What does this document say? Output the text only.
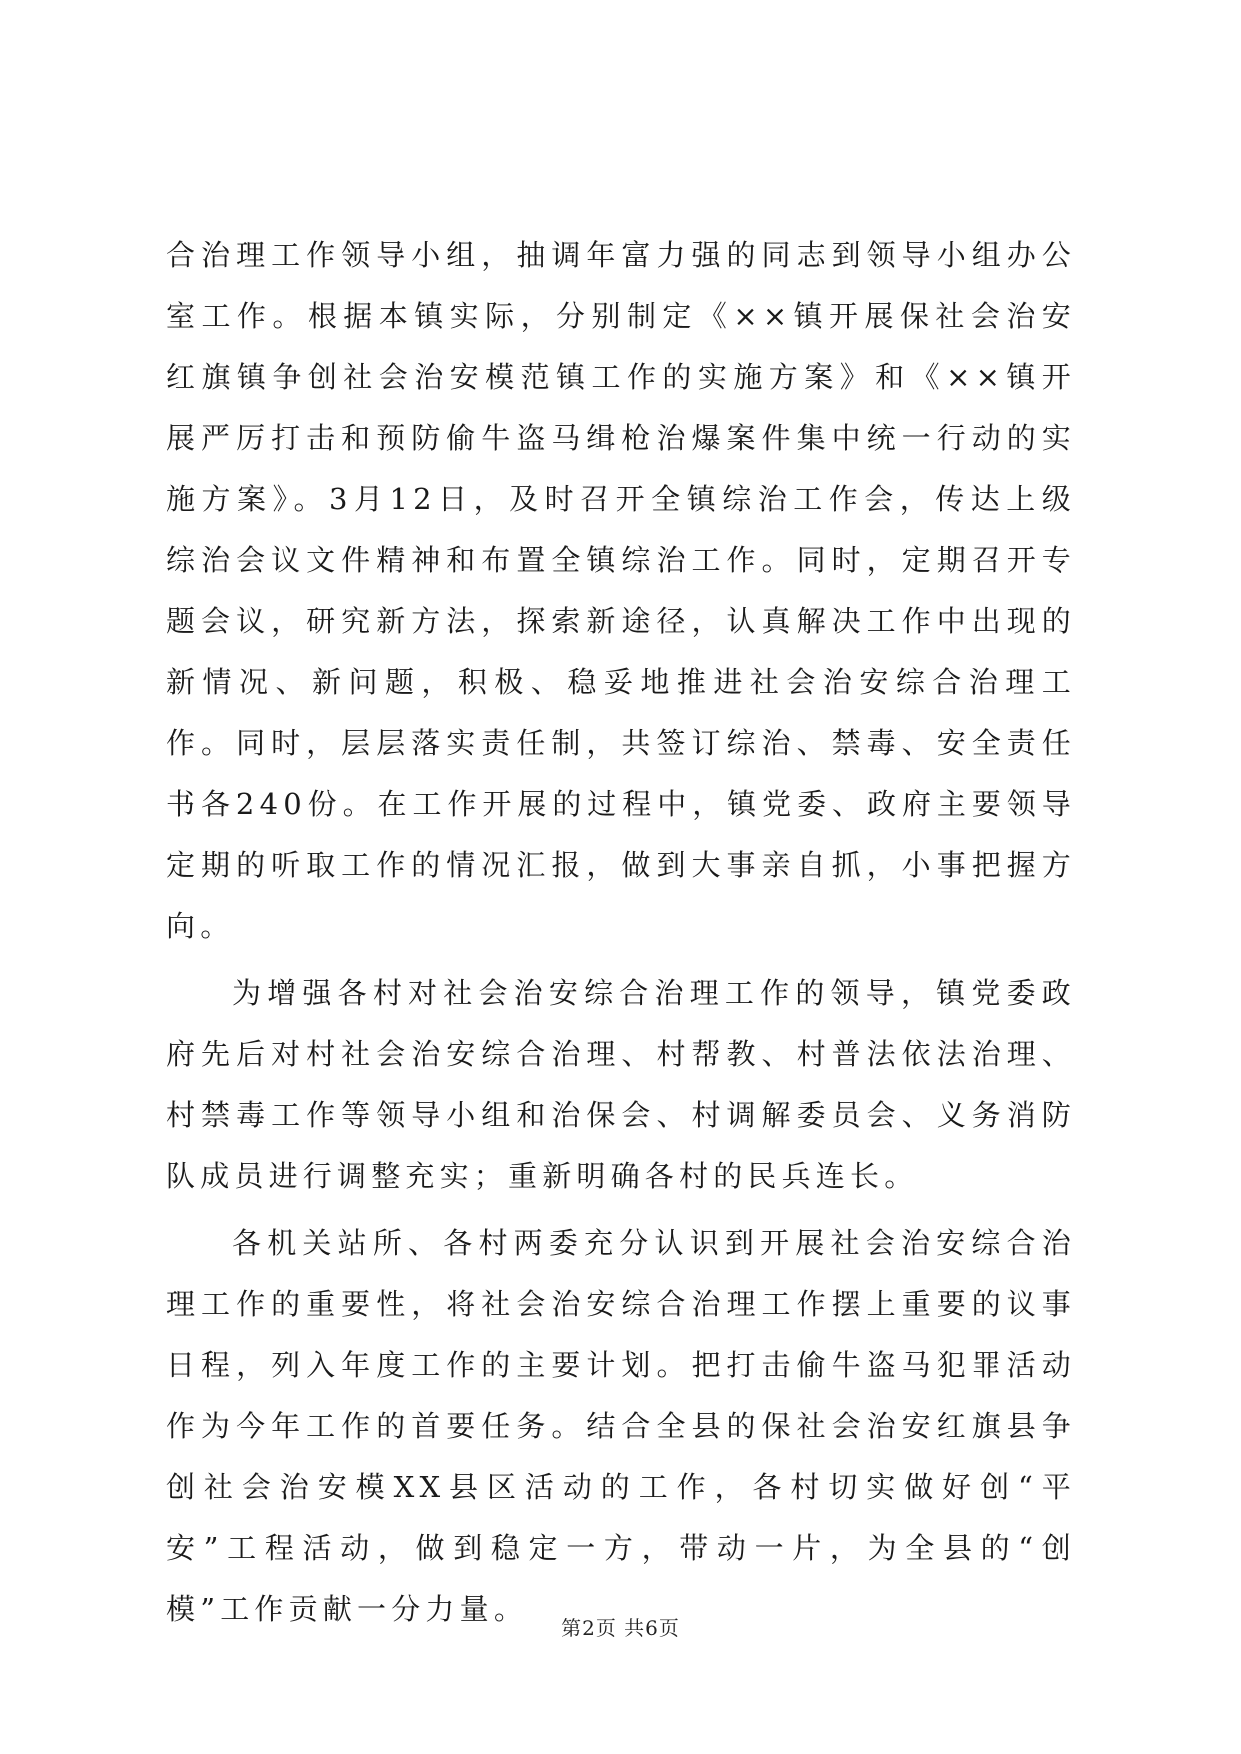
合治理工作领导小组，抽调年富力强的同志到领导小组办公室工作。根据本镇实际，分别制定《××镇开展保社会治安红旗镇争创社会治安模范镇工作的实施方案》和《××镇开展严厉打击和预防偷牛盗马缉枪治爆案件集中统一行动的实施方案》。3月12日，及时召开全镇综治工作会，传达上级综治会议文件精神和布置全镇综治工作。同时，定期召开专题会议，研究新方法，探索新途径，认真解决工作中出现的新情况、新问题，积极、稳妥地推进社会治安综合治理工作。同时，层层落实责任制，共签订综治、禁毒、安全责任书各240份。在工作开展的过程中，镇党委、政府主要领导定期的听取工作的情况汇报，做到大事亲自抓，小事把握方向。

为增强各村对社会治安综合治理工作的领导，镇党委政府先后对村社会治安综合治理、村帮教、村普法依法治理、村禁毒工作等领导小组和治保会、村调解委员会、义务消防队成员进行调整充实；重新明确各村的民兵连长。

各机关站所、各村两委充分认识到开展社会治安综合治理工作的重要性，将社会治安综合治理工作摆上重要的议事日程，列入年度工作的主要计划。把打击偷牛盗马犯罪活动作为今年工作的首要任务。结合全县的保社会治安红旗县争创社会治安模XX县区活动的工作，各村切实做好创“平安”工程活动，做到稳定一方，带动一片，为全县的“创模”工作贡献一分力量。

第2页 共6页
